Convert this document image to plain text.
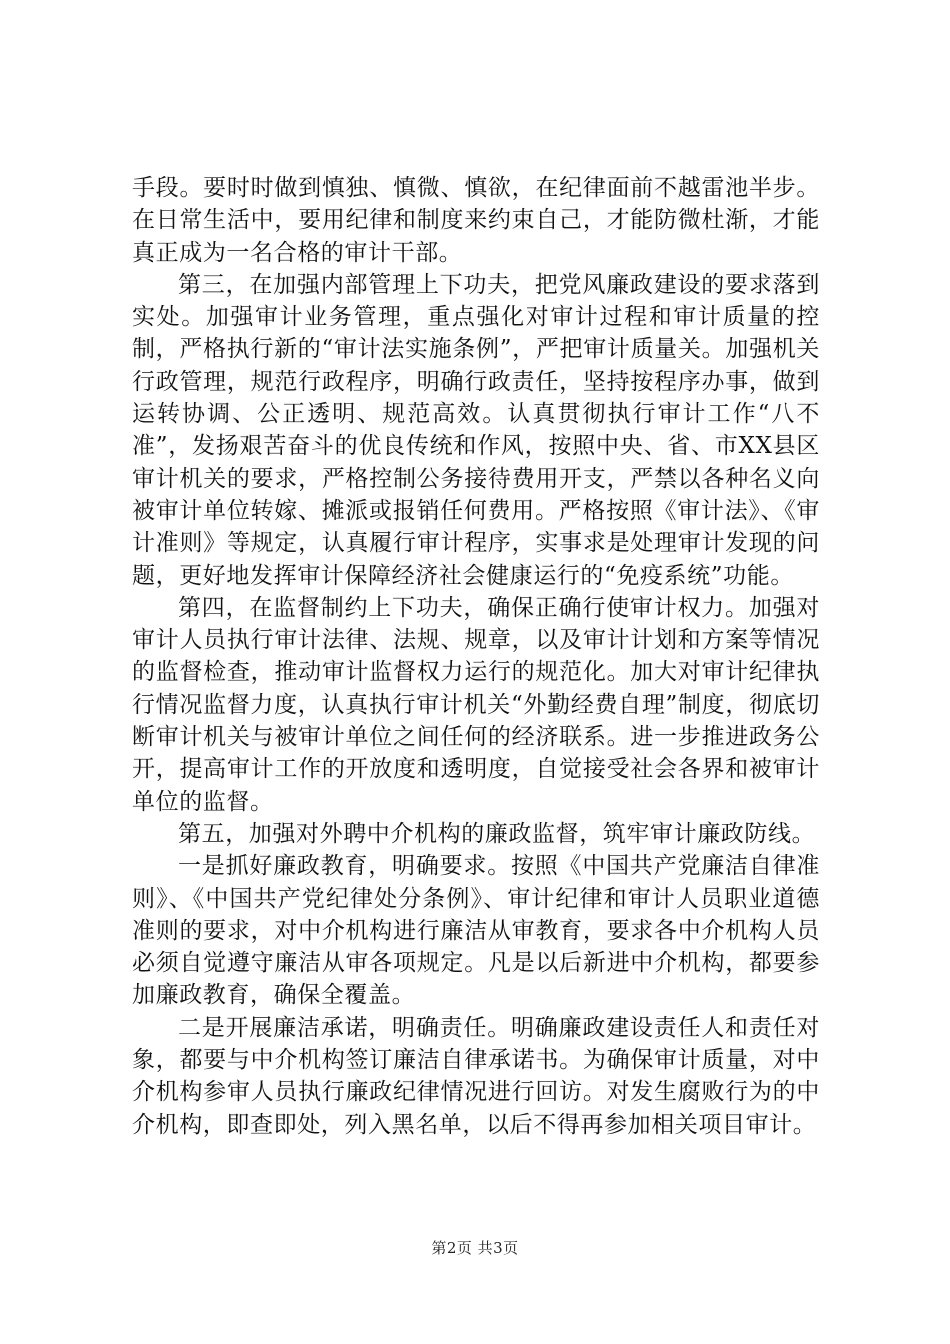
手段。要时时做到慎独、慎微、慎欲，在纪律面前不越雷池半步。在日常生活中，要用纪律和制度来约束自己，才能防微杜渐，才能真正成为一名合格的审计干部。

第三，在加强内部管理上下功夫，把党风廉政建设的要求落到实处。加强审计业务管理，重点强化对审计过程和审计质量的控制，严格执行新的“审计法实施条例”，严把审计质量关。加强机关行政管理，规范行政程序，明确行政责任，坚持按程序办事，做到运转协调、公正透明、规范高效。认真贯彻执行审计工作“八不准”，发扬艰苦奋斗的优良传统和作风，按照中央、省、市XX县区审计机关的要求，严格控制公务接待费用开支，严禁以各种名义向被审计单位转嫁、摊派或报销任何费用。严格按照《审计法》、《审计准则》等规定，认真履行审计程序，实事求是处理审计发现的问题，更好地发挥审计保障经济社会健康运行的“免疫系统”功能。

第四，在监督制约上下功夫，确保正确行使审计权力。加强对审计人员执行审计法律、法规、规章，以及审计计划和方案等情况的监督检查，推动审计监督权力运行的规范化。加大对审计纪律执行情况监督力度，认真执行审计机关“外勤经费自理”制度，彻底切断审计机关与被审计单位之间任何的经济联系。进一步推进政务公开，提高审计工作的开放度和透明度，自觉接受社会各界和被审计单位的监督。

第五，加强对外聘中介机构的廉政监督，筑牢审计廉政防线。

一是抓好廉政教育，明确要求。按照《中国共产党廉洁自律准则》、《中国共产党纪律处分条例》、审计纪律和审计人员职业道德准则的要求，对中介机构进行廉洁从审教育，要求各中介机构人员必须自觉遵守廉洁从审各项规定。凡是以后新进中介机构，都要参加廉政教育，确保全覆盖。

二是开展廉洁承诺，明确责任。明确廉政建设责任人和责任对象，都要与中介机构签订廉洁自律承诺书。为确保审计质量，对中介机构参审人员执行廉政纪律情况进行回访。对发生腐败行为的中介机构，即查即处，列入黑名单，以后不得再参加相关项目审计。

第2页 共3页
